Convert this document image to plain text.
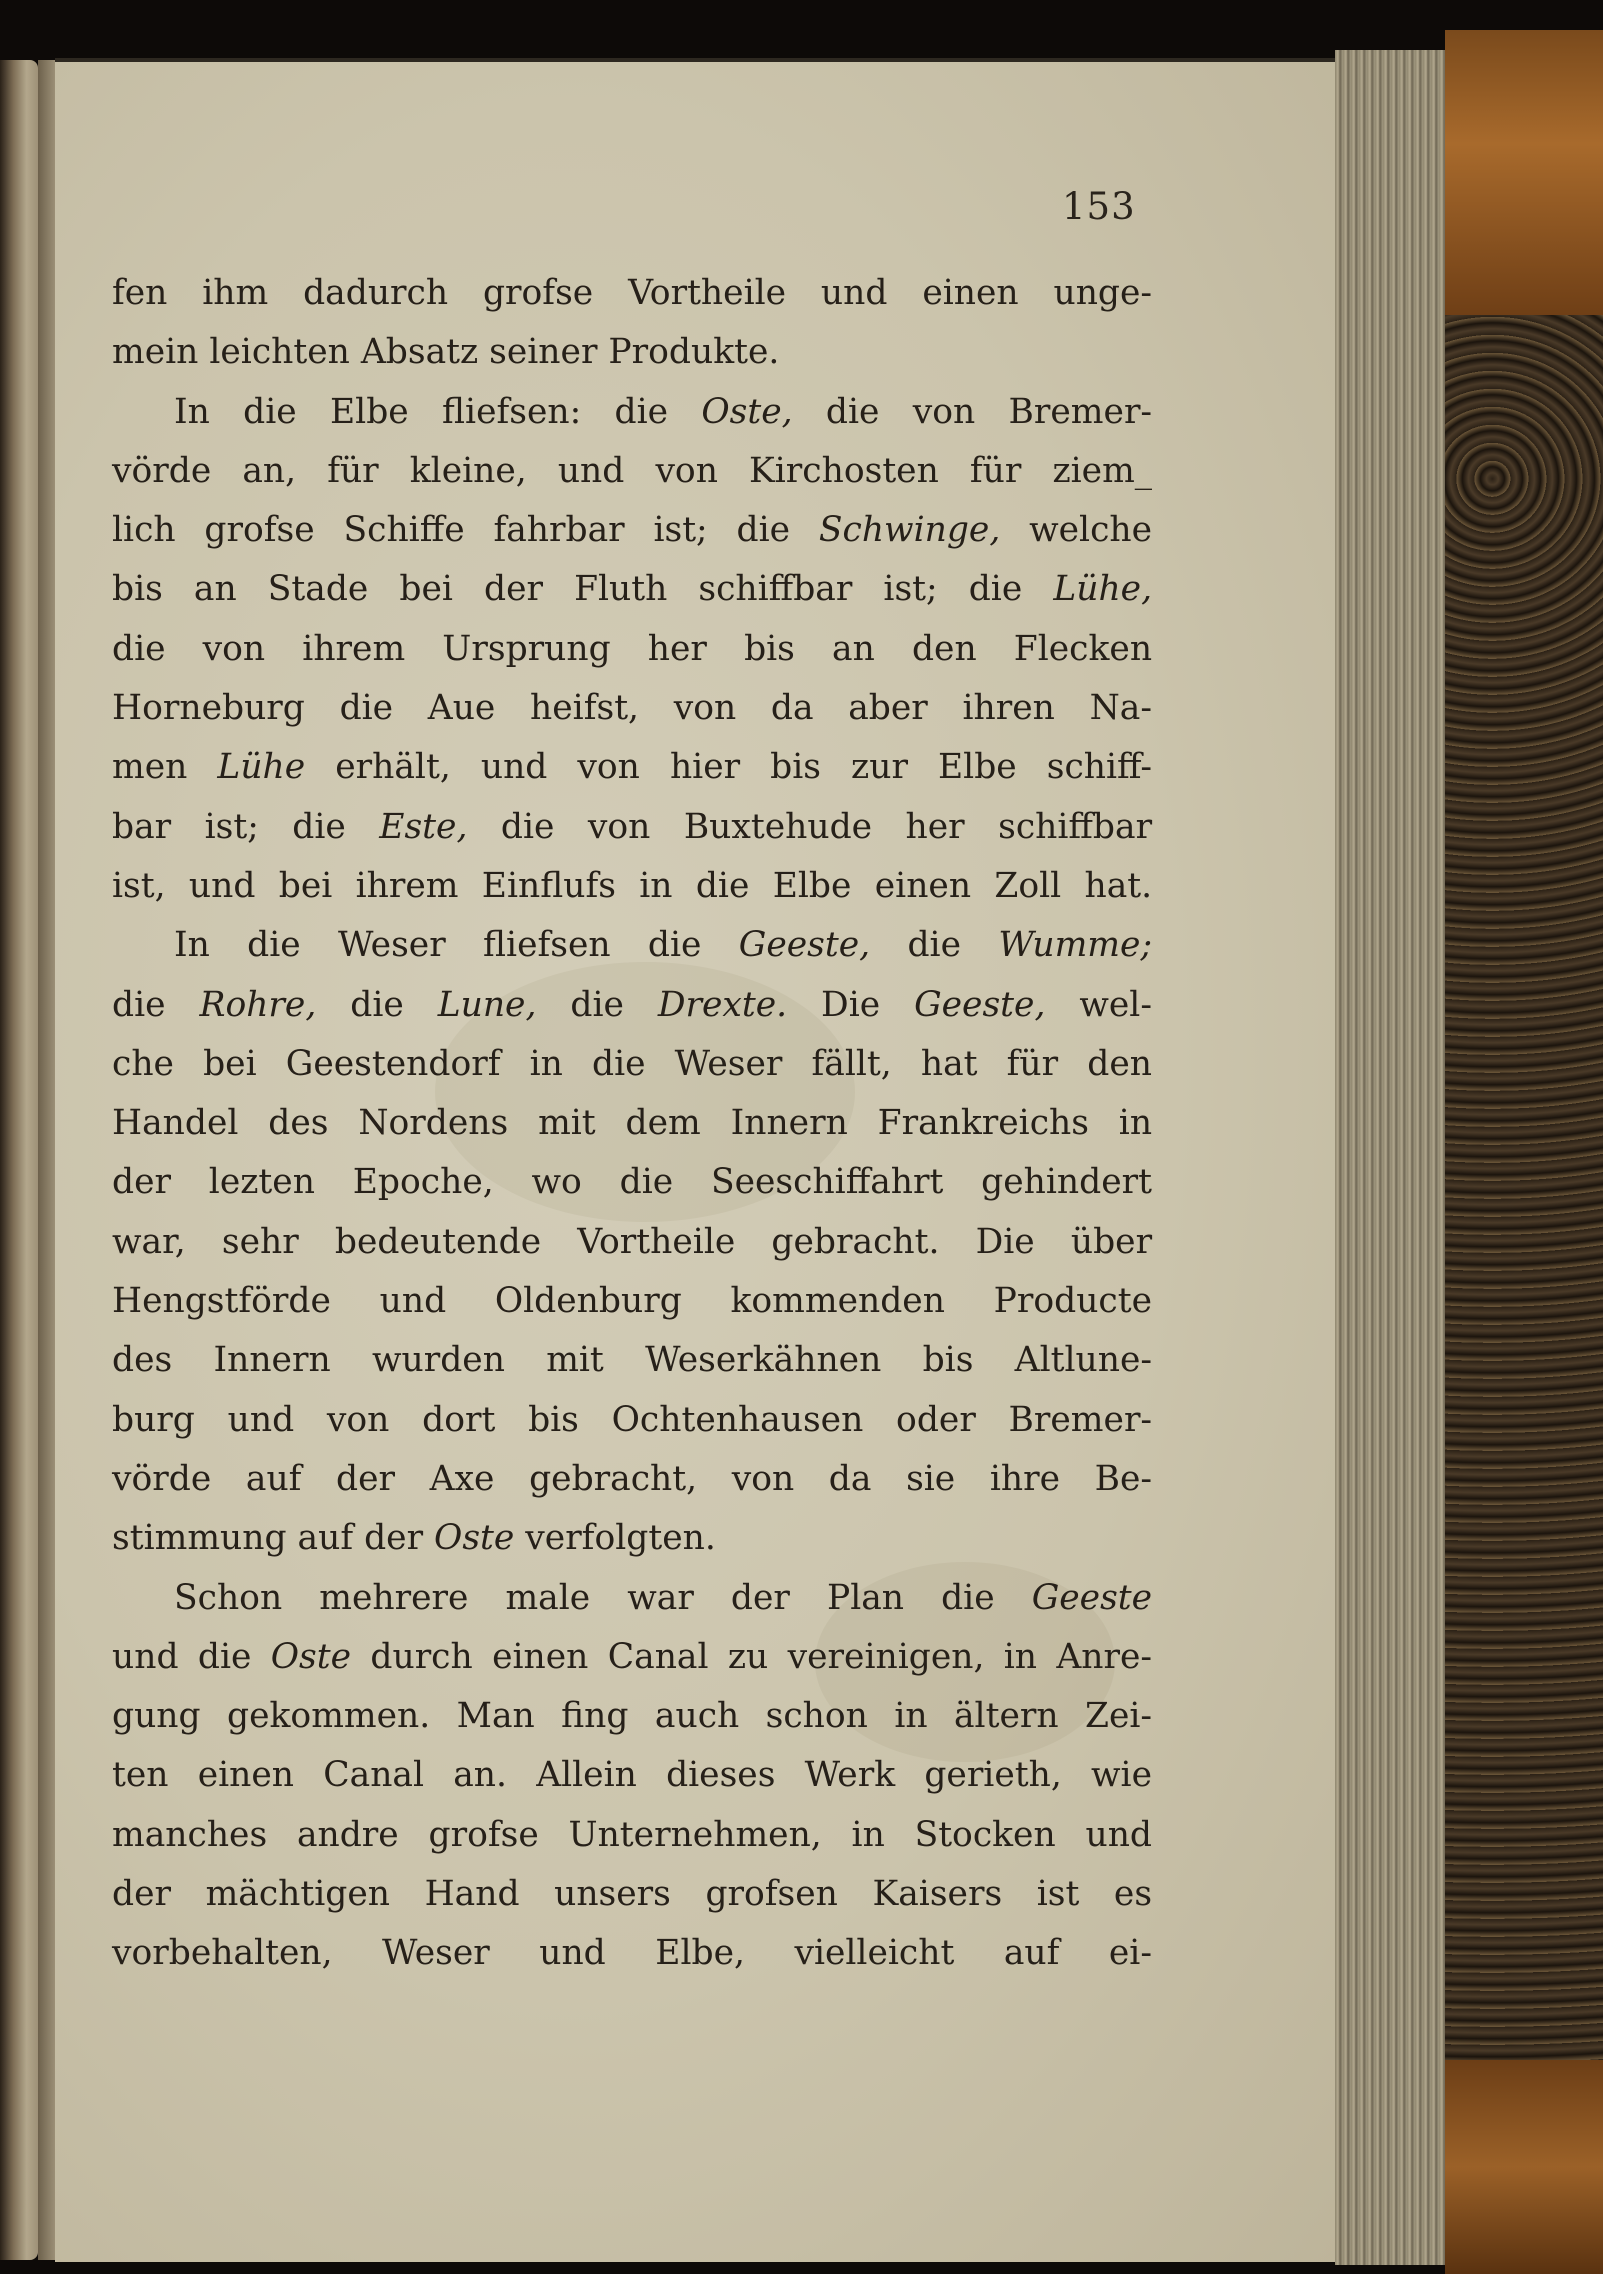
153
fen ihm dadurch grofse Vortheile und einen unge-
mein leichten Absatz seiner Produkte.
In die Elbe fliefsen: die Oste, die von Bremer-
vörde an, für kleine, und von Kirchosten für ziem_
lich grofse Schiffe fahrbar ist; die Schwinge, welche
bis an Stade bei der Fluth schiffbar ist; die Lühe,
die von ihrem Ursprung her bis an den Flecken
Horneburg die Aue heifst, von da aber ihren Na-
men Lühe erhält, und von hier bis zur Elbe schiff-
bar ist; die Este, die von Buxtehude her schiffbar
ist, und bei ihrem Einflufs in die Elbe einen Zoll hat.
In die Weser fliefsen die Geeste, die Wumme;
die Rohre, die Lune, die Drexte. Die Geeste, wel-
che bei Geestendorf in die Weser fällt, hat für den
Handel des Nordens mit dem Innern Frankreichs in
der lezten Epoche, wo die Seeschiffahrt gehindert
war, sehr bedeutende Vortheile gebracht. Die über
Hengstförde und Oldenburg kommenden Producte
des Innern wurden mit Weserkähnen bis Altlune-
burg und von dort bis Ochtenhausen oder Bremer-
vörde auf der Axe gebracht, von da sie ihre Be-
stimmung auf der Oste verfolgten.
Schon mehrere male war der Plan die Geeste
und die Oste durch einen Canal zu vereinigen, in Anre-
gung gekommen. Man fing auch schon in ältern Zei-
ten einen Canal an. Allein dieses Werk gerieth, wie
manches andre grofse Unternehmen, in Stocken und
der mächtigen Hand unsers grofsen Kaisers ist es
vorbehalten, Weser und Elbe, vielleicht auf ei-
